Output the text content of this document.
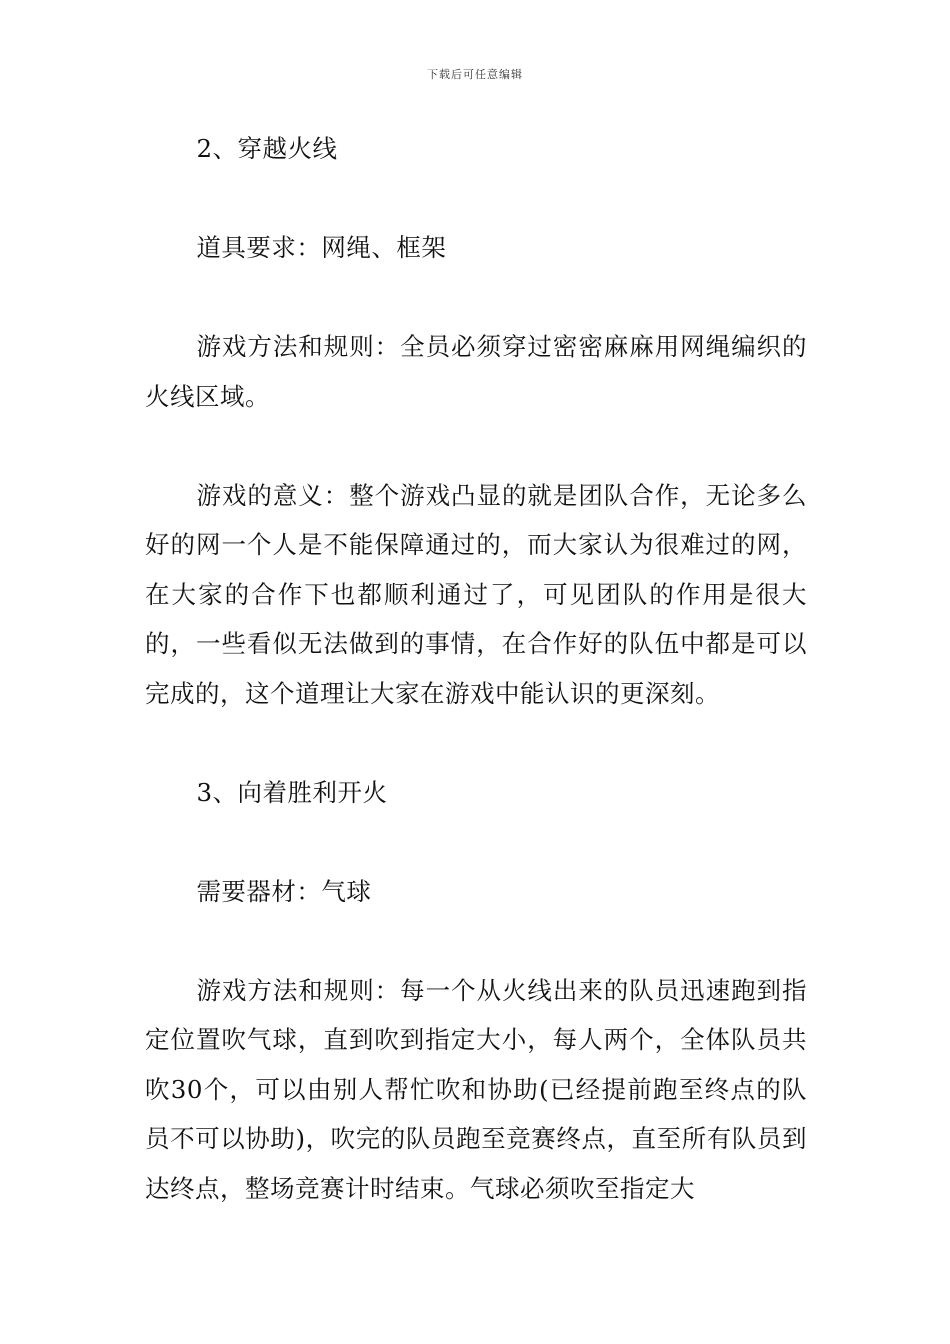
下载后可任意编辑

2、穿越火线

道具要求：网绳、框架

游戏方法和规则：全员必须穿过密密麻麻用网绳编织的火线区域。

游戏的意义：整个游戏凸显的就是团队合作，无论多么好的网一个人是不能保障通过的，而大家认为很难过的网，在大家的合作下也都顺利通过了，可见团队的作用是很大的，一些看似无法做到的事情，在合作好的队伍中都是可以完成的，这个道理让大家在游戏中能认识的更深刻。

3、向着胜利开火

需要器材：气球

游戏方法和规则：每一个从火线出来的队员迅速跑到指定位置吹气球，直到吹到指定大小，每人两个，全体队员共吹30个，可以由别人帮忙吹和协助(已经提前跑至终点的队员不可以协助)，吹完的队员跑至竞赛终点，直至所有队员到达终点，整场竞赛计时结束。气球必须吹至指定大
